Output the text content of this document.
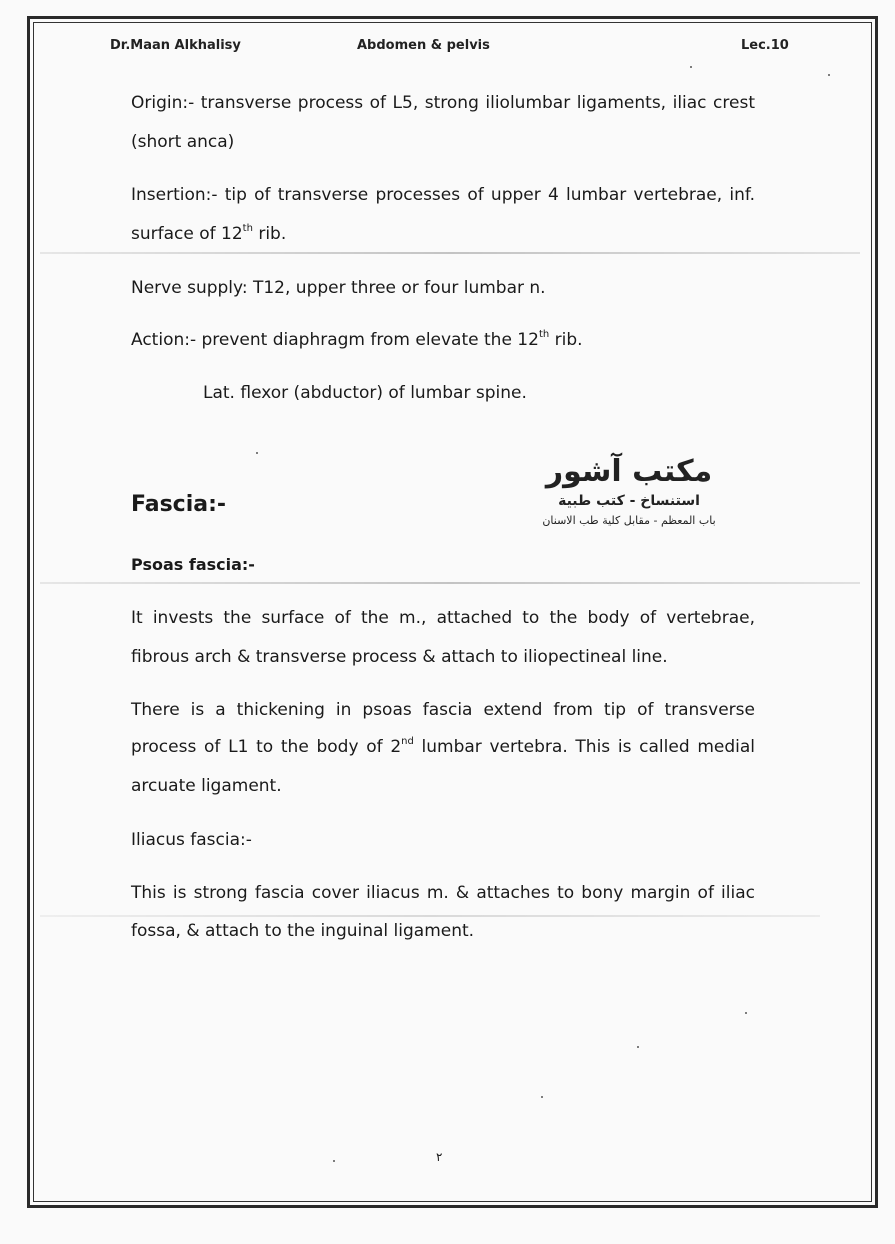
Dr.Maan Alkhalisy	Abdomen & pelvis	Lec.10
Origin:- transverse process of L5, strong iliolumbar ligaments, iliac crest
(short anca)
Insertion:- tip of transverse processes of upper 4 lumbar vertebrae, inf.
surface of 12th rib.
Nerve supply: T12, upper three or four lumbar n.
Action:- prevent diaphragm from elevate the 12th rib.
Lat. flexor (abductor) of lumbar spine.
مكتب آشور
استنساخ - كتب طبية
باب المعظم - مقابل كلية طب الاسنان
Fascia:-
Psoas fascia:-
It invests the surface of the m., attached to the body of vertebrae,
fibrous arch & transverse process & attach to iliopectineal line.
There is a thickening in psoas fascia extend from tip of transverse
process of L1 to the body of 2nd lumbar vertebra. This is called medial
arcuate ligament.
Iliacus fascia:-
This is strong fascia cover iliacus m. & attaches to bony margin of iliac
fossa, & attach to the inguinal ligament.
٢
